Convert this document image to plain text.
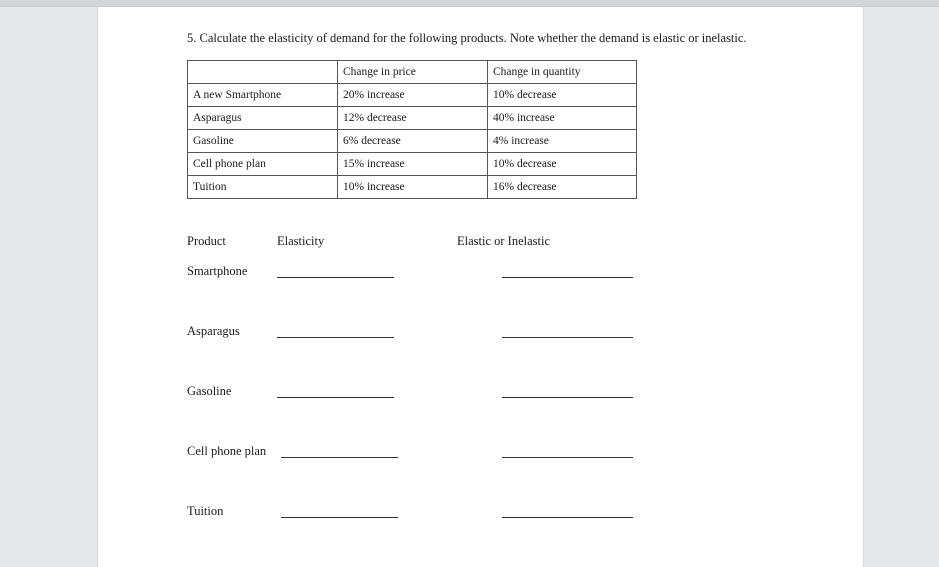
5. Calculate the elasticity of demand for the following products. Note whether the demand is elastic or inelastic.
	Change in price	Change in quantity
A new Smartphone	20% increase	10% decrease
Asparagus	12% decrease	40% increase
Gasoline	6% decrease	4% increase
Cell phone plan	15% increase	10% decrease
Tuition	10% increase	16% decrease
Product	Elasticity	Elastic or Inelastic
Smartphone
Asparagus
Gasoline
Cell phone plan
Tuition
